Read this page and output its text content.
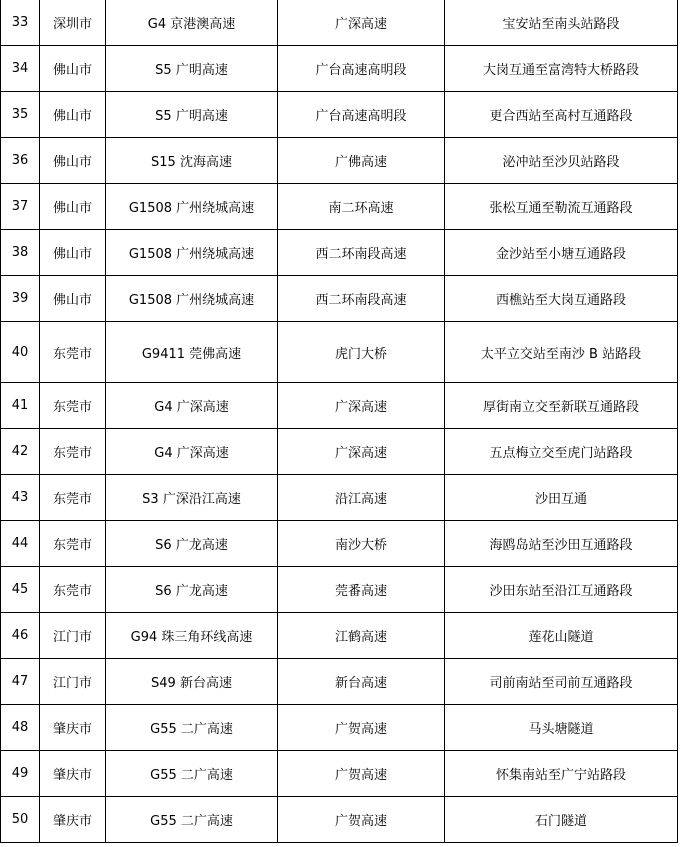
33	深圳市	G4 京港澳高速	广深高速	宝安站至南头站路段
34	佛山市	S5 广明高速	广台高速高明段	大岗互通至富湾特大桥路段
35	佛山市	S5 广明高速	广台高速高明段	更合西站至高村互通路段
36	佛山市	S15 沈海高速	广佛高速	泌冲站至沙贝站路段
37	佛山市	G1508 广州绕城高速	南二环高速	张松互通至勒流互通路段
38	佛山市	G1508 广州绕城高速	西二环南段高速	金沙站至小塘互通路段
39	佛山市	G1508 广州绕城高速	西二环南段高速	西樵站至大岗互通路段
40	东莞市	G9411 莞佛高速	虎门大桥	太平立交站至南沙 B 站路段
41	东莞市	G4 广深高速	广深高速	厚街南立交至新联互通路段
42	东莞市	G4 广深高速	广深高速	五点梅立交至虎门站路段
43	东莞市	S3 广深沿江高速	沿江高速	沙田互通
44	东莞市	S6 广龙高速	南沙大桥	海鸥岛站至沙田互通路段
45	东莞市	S6 广龙高速	莞番高速	沙田东站至沿江互通路段
46	江门市	G94 珠三角环线高速	江鹤高速	莲花山隧道
47	江门市	S49 新台高速	新台高速	司前南站至司前互通路段
48	肇庆市	G55 二广高速	广贺高速	马头塘隧道
49	肇庆市	G55 二广高速	广贺高速	怀集南站至广宁站路段
50	肇庆市	G55 二广高速	广贺高速	石门隧道
